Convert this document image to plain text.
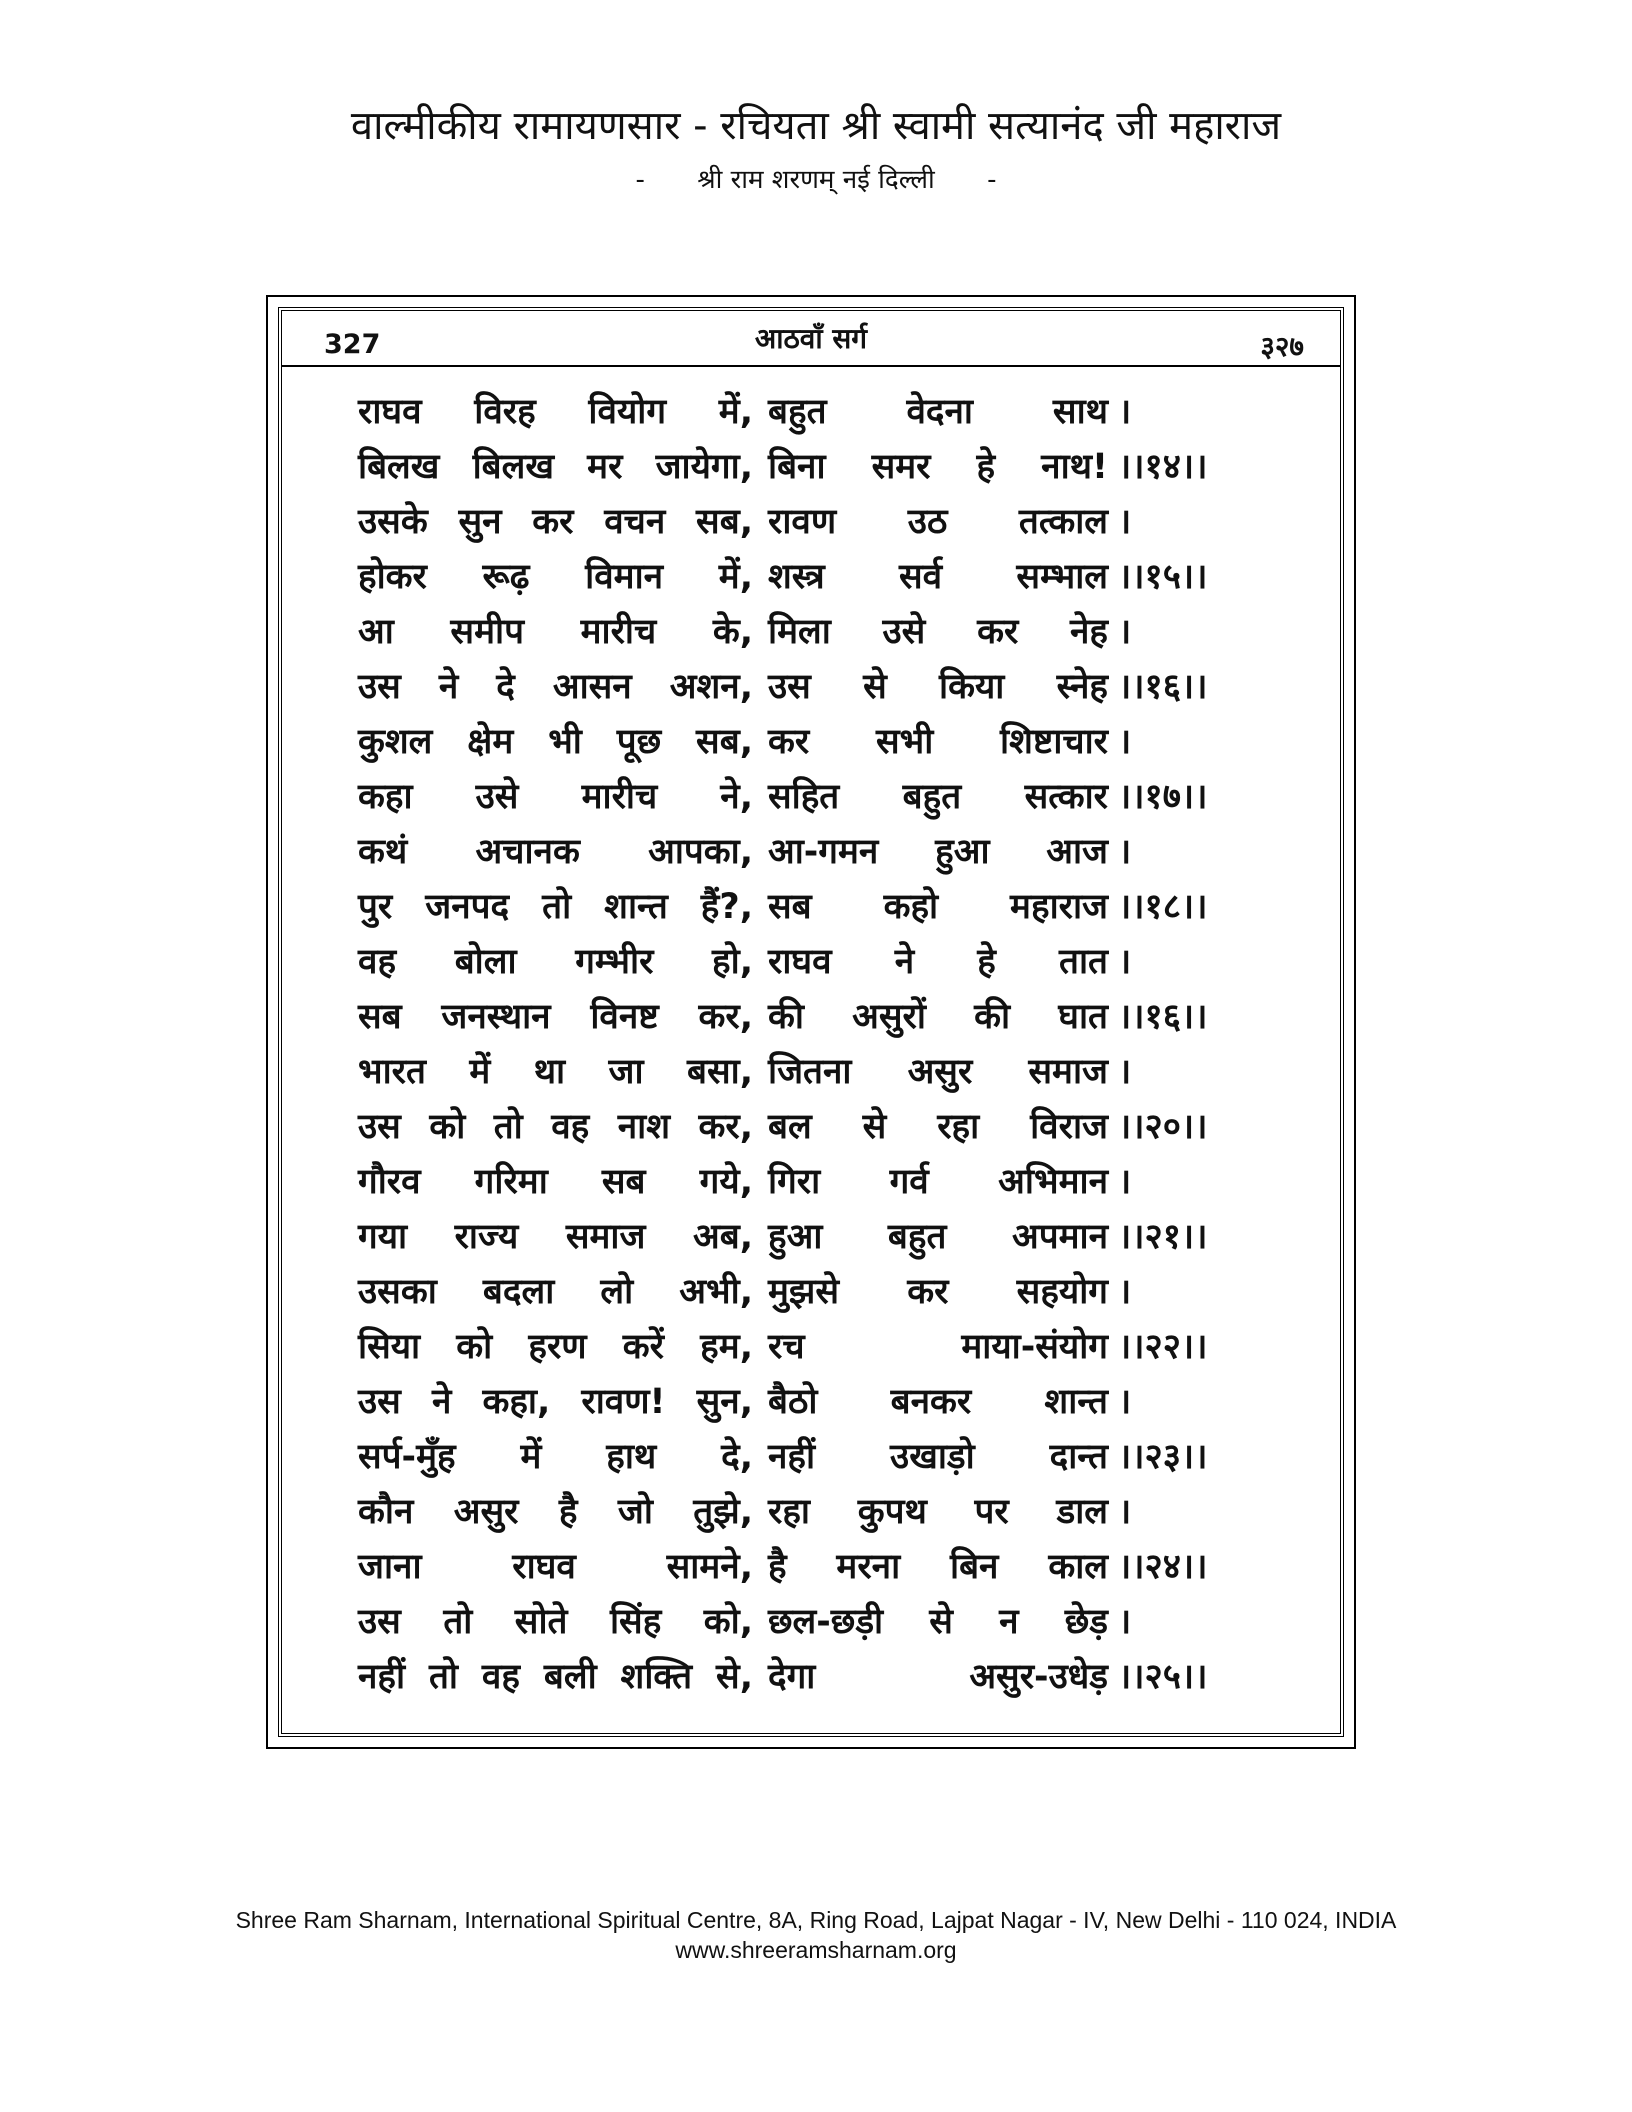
वाल्मीकीय रामायणसार - रचियता श्री स्वामी सत्यानंद जी महाराज
- श्री राम शरणम् नई दिल्ली -
327	आठवाँ सर्ग	३२७
राघव विरह वियोग में, बहुत वेदना साथ ।
बिलख बिलख मर जायेगा, बिना समर हे नाथ! ।।१४।।
उसके सुन कर वचन सब, रावण उठ तत्काल ।
होकर रूढ़ विमान में, शस्त्र सर्व सम्भाल ।।१५।।
आ समीप मारीच के, मिला उसे कर नेह ।
उस ने दे आसन अशन, उस से किया स्नेह ।।१६।।
कुशल क्षेम भी पूछ सब, कर सभी शिष्टाचार ।
कहा उसे मारीच ने, सहित बहुत सत्कार ।।१७।।
कथं अचानक आपका, आ-गमन हुआ आज ।
पुर जनपद तो शान्त हैं?, सब कहो महाराज ।।१८।।
वह बोला गम्भीर हो, राघव ने हे तात ।
सब जनस्थान विनष्ट कर, की असुरों की घात ।।१६।।
भारत में था जा बसा, जितना असुर समाज ।
उस को तो वह नाश कर, बल से रहा विराज ।।२०।।
गौरव गरिमा सब गये, गिरा गर्व अभिमान ।
गया राज्य समाज अब, हुआ बहुत अपमान ।।२१।।
उसका बदला लो अभी, मुझसे कर सहयोग ।
सिया को हरण करें हम, रच माया-संयोग ।।२२।।
उस ने कहा, रावण! सुन, बैठो बनकर शान्त ।
सर्प-मुँह में हाथ दे, नहीं उखाड़ो दान्त ।।२३।।
कौन असुर है जो तुझे, रहा कुपथ पर डाल ।
जाना राघव सामने, है मरना बिन काल ।।२४।।
उस तो सोते सिंह को, छल-छड़ी से न छेड़ ।
नहीं तो वह बली शक्ति से, देगा असुर-उधेड़ ।।२५।।
Shree Ram Sharnam, International Spiritual Centre, 8A, Ring Road, Lajpat Nagar - IV, New Delhi - 110 024, INDIA
www.shreeramsharnam.org
